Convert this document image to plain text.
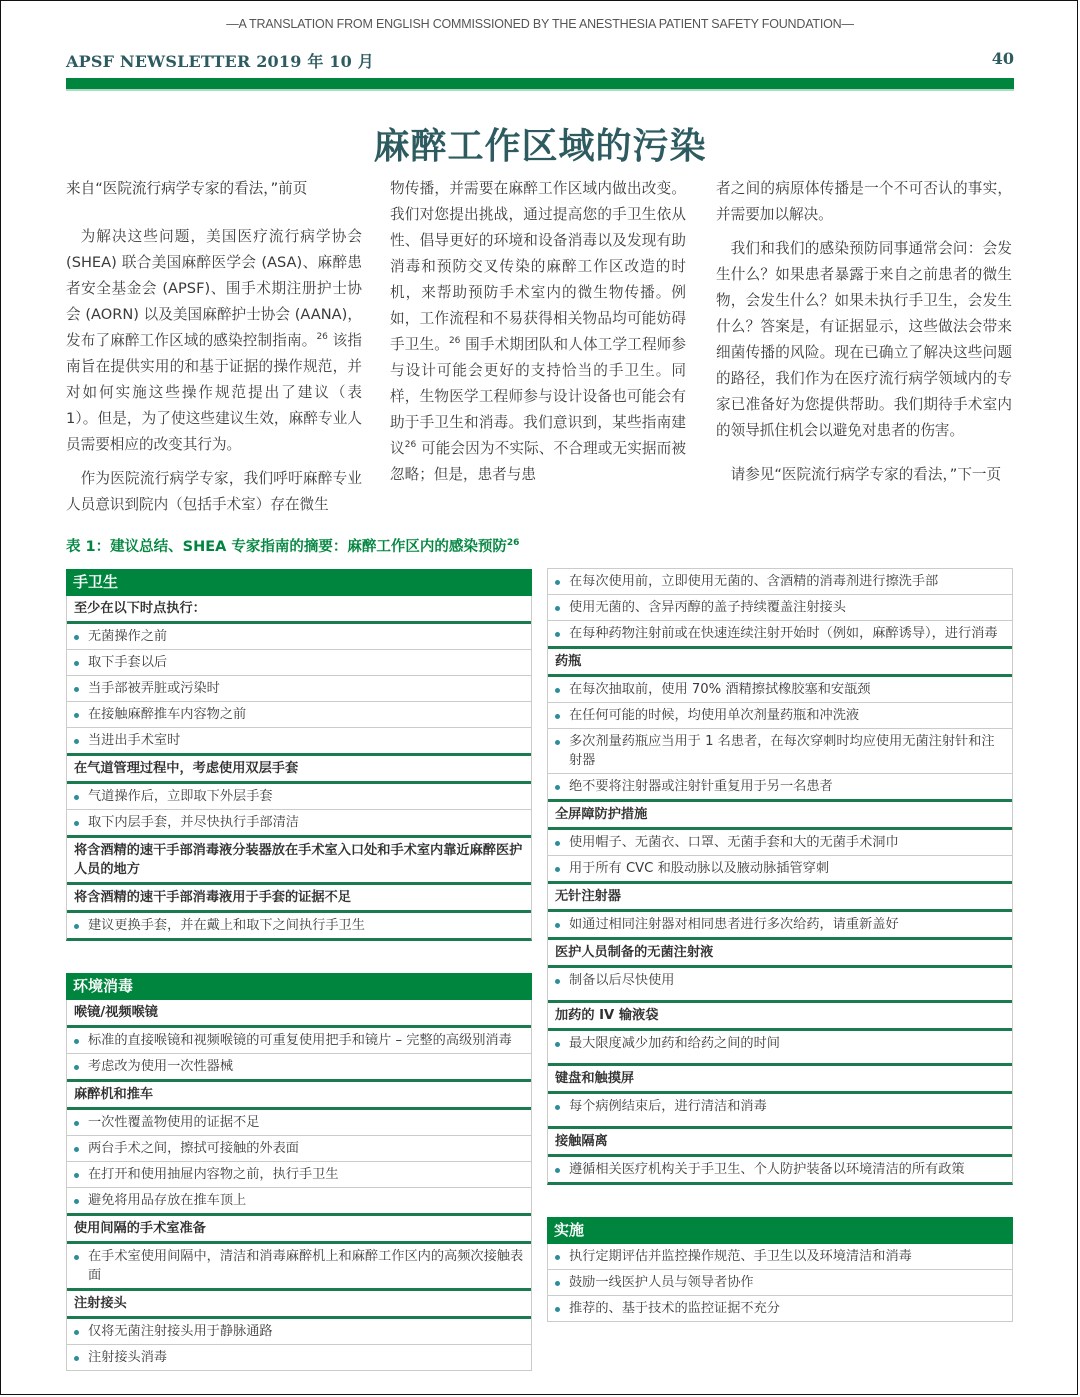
—A TRANSLATION FROM ENGLISH COMMISSIONED BY THE ANESTHESIA PATIENT SAFETY FOUNDATION—
APSF NEWSLETTER 2019 年 10 月	40
麻醉工作区域的污染

来自“医院流行病学专家的看法，”前页

为解决这些问题，美国医疗流行病学协会 (SHEA) 联合美国麻醉医学会 (ASA)、麻醉患者安全基金会 (APSF)、围手术期注册护士协会 (AORN) 以及美国麻醉护士协会 (AANA)，发布了麻醉工作区域的感染控制指南。$^{26}$ 该指南旨在提供实用的和基于证据的操作规范，并对如何实施这些操作规范提出了建议（表 1）。但是，为了使这些建议生效，麻醉专业人员需要相应的改变其行为。

作为医院流行病学专家，我们呼吁麻醉专业人员意识到院内（包括手术室）存在微生

物传播，并需要在麻醉工作区域内做出改变。我们对您提出挑战，通过提高您的手卫生依从性、倡导更好的环境和设备消毒以及发现有助消毒和预防交叉传染的麻醉工作区改造的时机，来帮助预防手术室内的微生物传播。例如，工作流程和不易获得相关物品均可能妨碍手卫生。$^{26}$ 围手术期团队和人体工学工程师参与设计可能会更好的支持恰当的手卫生。同样，生物医学工程师参与设计设备也可能会有助于手卫生和消毒。我们意识到，某些指南建议$^{26}$ 可能会因为不实际、不合理或无实据而被忽略；但是，患者与患

者之间的病原体传播是一个不可否认的事实，并需要加以解决。

我们和我们的感染预防同事通常会问：会发生什么？如果患者暴露于来自之前患者的微生物，会发生什么？如果未执行手卫生，会发生什么？答案是，有证据显示，这些做法会带来细菌传播的风险。现在已确立了解决这些问题的路径，我们作为在医疗流行病学领域内的专家已准备好为您提供帮助。我们期待手术室内的领导抓住机会以避免对患者的伤害。

请参见“医院流行病学专家的看法，”下一页

表 1：建议总结、SHEA 专家指南的摘要：麻醉工作区内的感染预防$^{26}$
手卫生
至少在以下时点执行：
无菌操作之前
取下手套以后
当手部被弄脏或污染时
在接触麻醉推车内容物之前
当进出手术室时
在气道管理过程中，考虑使用双层手套
气道操作后，立即取下外层手套
取下内层手套，并尽快执行手部清洁
将含酒精的速干手部消毒液分装器放在手术室入口处和手术室内靠近麻醉医护人员的地方
将含酒精的速干手部消毒液用于手套的证据不足
建议更换手套，并在戴上和取下之间执行手卫生
环境消毒
喉镜/视频喉镜
标准的直接喉镜和视频喉镜的可重复使用把手和镜片 – 完整的高级别消毒
考虑改为使用一次性器械
麻醉机和推车
一次性覆盖物使用的证据不足
两台手术之间，擦拭可接触的外表面
在打开和使用抽屉内容物之前，执行手卫生
避免将用品存放在推车顶上
使用间隔的手术室准备
在手术室使用间隔中，清洁和消毒麻醉机上和麻醉工作区内的高频次接触表面
注射接头
仅将无菌注射接头用于静脉通路
注射接头消毒
在每次使用前，立即使用无菌的、含酒精的消毒剂进行擦洗手部
使用无菌的、含异丙醇的盖子持续覆盖注射接头
在每种药物注射前或在快速连续注射开始时（例如，麻醉诱导），进行消毒
药瓶
在每次抽取前，使用 70% 酒精擦拭橡胶塞和安瓿颈
在任何可能的时候，均使用单次剂量药瓶和冲洗液
多次剂量药瓶应当用于 1 名患者，在每次穿刺时均应使用无菌注射针和注射器
绝不要将注射器或注射针重复用于另一名患者
全屏障防护措施
使用帽子、无菌衣、口罩、无菌手套和大的无菌手术洞巾
用于所有 CVC 和股动脉以及腋动脉插管穿刺
无针注射器
如通过相同注射器对相同患者进行多次给药，请重新盖好
医护人员制备的无菌注射液
制备以后尽快使用
加药的 IV 输液袋
最大限度减少加药和给药之间的时间
键盘和触摸屏
每个病例结束后，进行清洁和消毒
接触隔离
遵循相关医疗机构关于手卫生、个人防护装备以环境清洁的所有政策
实施
执行定期评估并监控操作规范、手卫生以及环境清洁和消毒
鼓励一线医护人员与领导者协作
推荐的、基于技术的监控证据不充分
